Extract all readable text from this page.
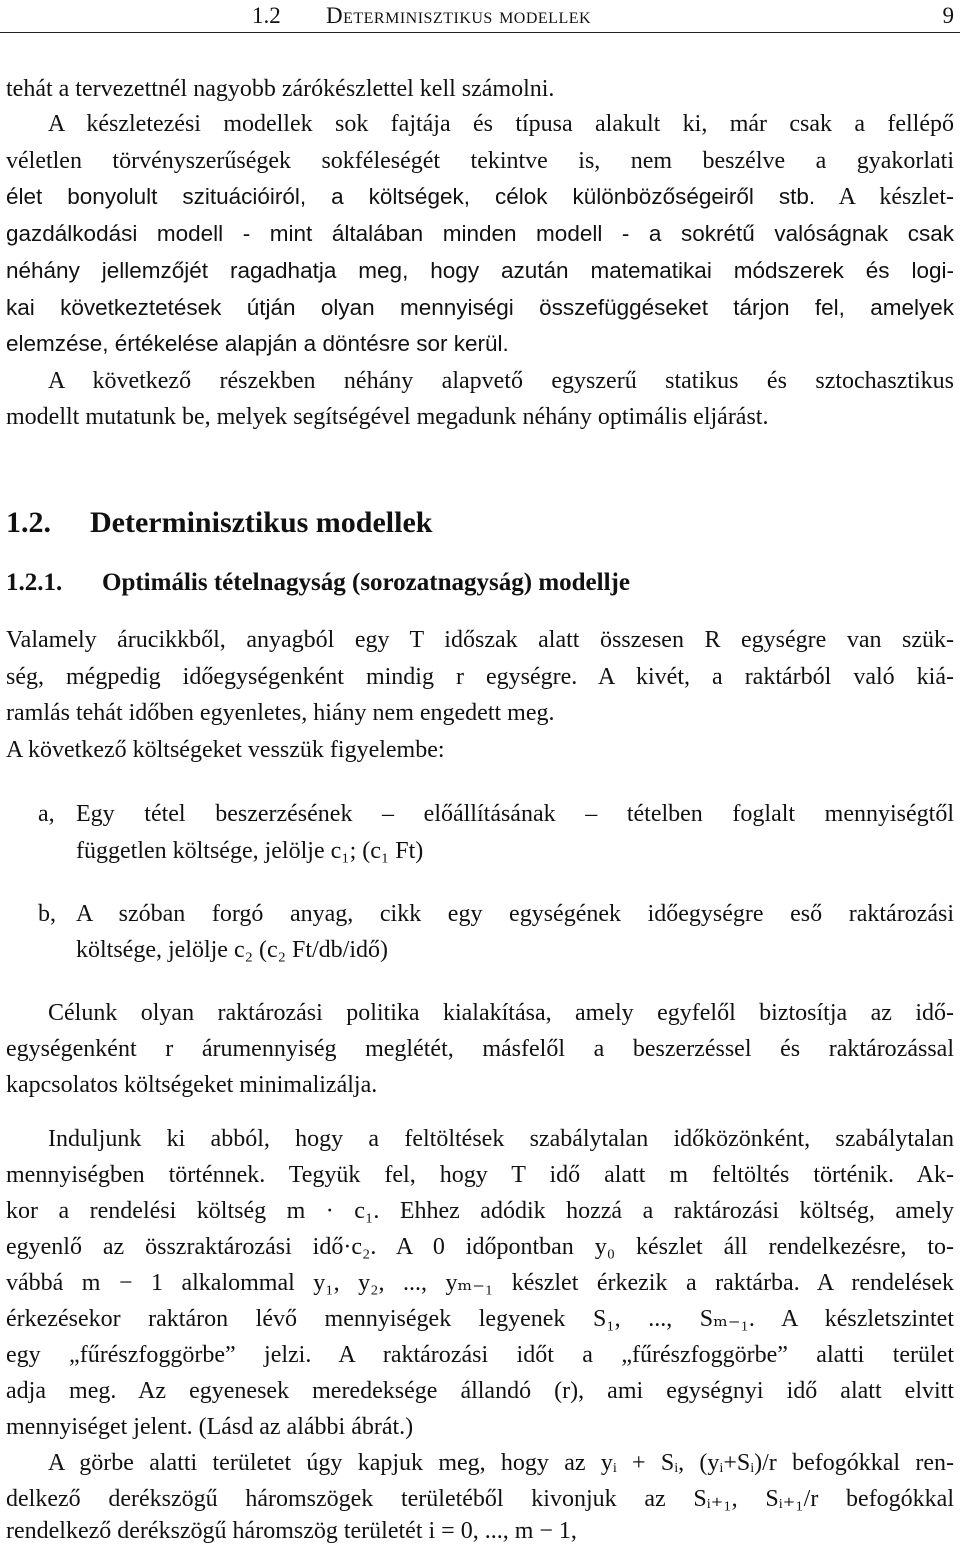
1.2 Determinisztikus modellek	9
tehát a tervezettnél nagyobb zárókészlettel kell számolni.
A készletezési modellek sok fajtája és típusa alakult ki, már csak a fellépő
véletlen törvényszerűségek sokféleségét tekintve is, nem beszélve a gyakorlati
élet bonyolult szituációiról, a költségek, célok különbözőségeiről stb. A készlet-
gazdálkodási modell - mint általában minden modell - a sokrétű valóságnak csak
néhány jellemzőjét ragadhatja meg, hogy azután matematikai módszerek és logi-
kai következtetések útján olyan mennyiségi összefüggéseket tárjon fel, amelyek
elemzése, értékelése alapján a döntésre sor kerül.
A következő részekben néhány alapvető egyszerű statikus és sztochasztikus
modellt mutatunk be, melyek segítségével megadunk néhány optimális eljárást.
1.2. Determinisztikus modellek
1.2.1. Optimális tételnagyság (sorozatnagyság) modellje
Valamely árucikkből, anyagból egy T időszak alatt összesen R egységre van szük-
ség, mégpedig időegységenként mindig r egységre. A kivét, a raktárból való kiá-
ramlás tehát időben egyenletes, hiány nem engedett meg.
A következő költségeket vesszük figyelembe:
a, Egy tétel beszerzésének – előállításának – tételben foglalt mennyiségtől
független költsége, jelölje c₁; (c₁ Ft)
b, A szóban forgó anyag, cikk egy egységének időegységre eső raktározási
költsége, jelölje c₂ (c₂ Ft/db/idő)
Célunk olyan raktározási politika kialakítása, amely egyfelől biztosítja az idő-
egységenként r árumennyiség meglétét, másfelől a beszerzéssel és raktározással
kapcsolatos költségeket minimalizálja.
Induljunk ki abból, hogy a feltöltések szabálytalan időközönként, szabálytalan
mennyiségben történnek. Tegyük fel, hogy T idő alatt m feltöltés történik. Ak-
kor a rendelési költség m · c₁. Ehhez adódik hozzá a raktározási költség, amely
egyenlő az összraktározási idő·c₂. A 0 időpontban y₀ készlet áll rendelkezésre, to-
vábbá m − 1 alkalommal y₁, y₂, ..., yₘ₋₁ készlet érkezik a raktárba. A rendelések
érkezésekor raktáron lévő mennyiségek legyenek S₁, ..., Sₘ₋₁. A készletszintet
egy „fűrészfoggörbe” jelzi. A raktározási időt a „fűrészfoggörbe” alatti terület
adja meg. Az egyenesek meredeksége állandó (r), ami egységnyi idő alatt elvitt
mennyiséget jelent. (Lásd az alábbi ábrát.)
A görbe alatti területet úgy kapjuk meg, hogy az yᵢ + Sᵢ, (yᵢ+Sᵢ)/r befogókkal ren-
delkező derékszögű háromszögek területéből kivonjuk az Sᵢ₊₁, Sᵢ₊₁/r befogókkal
rendelkező derékszögű háromszög területét i = 0, ..., m − 1,
